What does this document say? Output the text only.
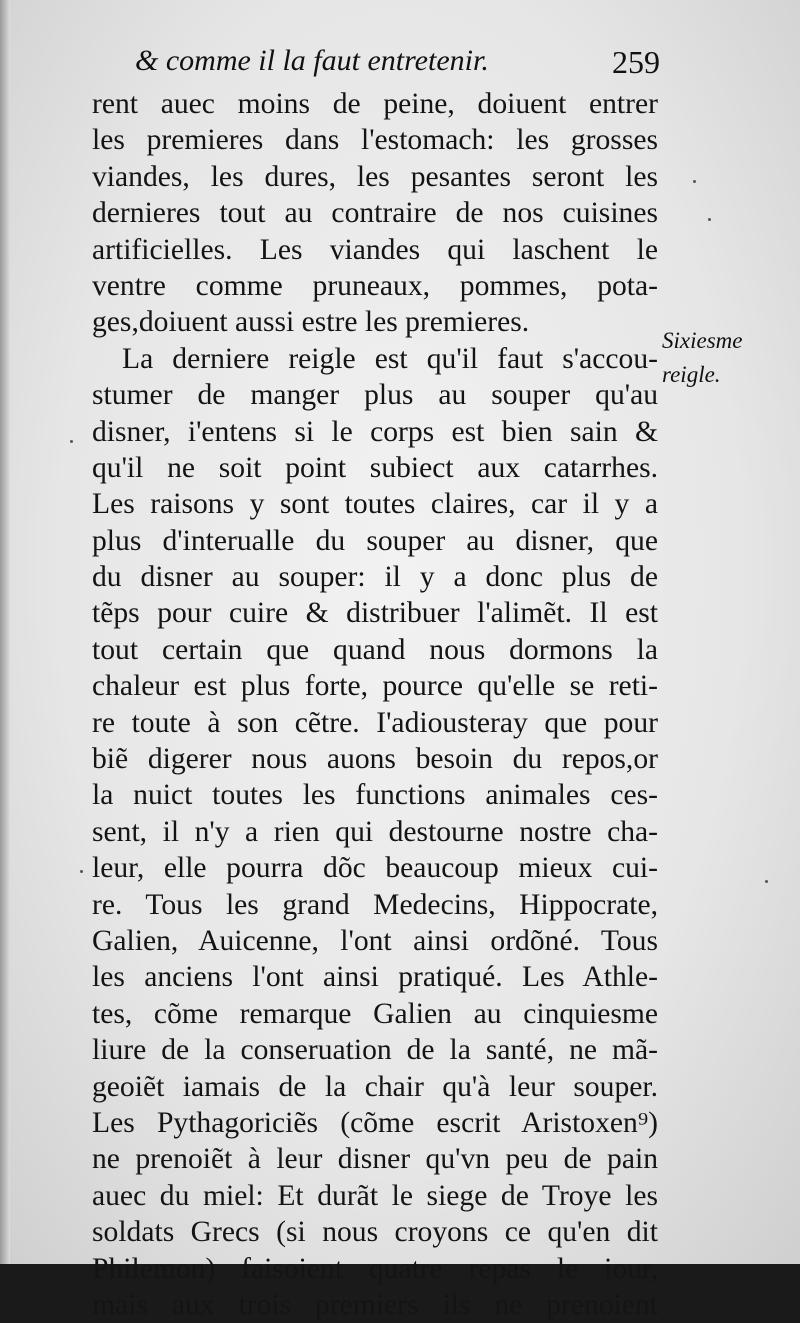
& comme il la faut entretenir.	259
rent auec moins de peine, doiuent entrer
les premieres dans l'estomach: les grosses
viandes, les dures, les pesantes seront les
dernieres tout au contraire de nos cuisines
artificielles. Les viandes qui laschent le
ventre comme pruneaux, pommes, pota-
ges,doiuent aussi estre les premieres.
La derniere reigle est qu'il faut s'accou-
stumer de manger plus au souper qu'au
disner, i'entens si le corps est bien sain &
qu'il ne soit point subiect aux catarrhes.
Les raisons y sont toutes claires, car il y a
plus d'interualle du souper au disner, que
du disner au souper: il y a donc plus de
tẽps pour cuire & distribuer l'alimẽt. Il est
tout certain que quand nous dormons la
chaleur est plus forte, pource qu'elle se reti-
re toute à son cẽtre. I'adiousteray que pour
biẽ digerer nous auons besoin du repos,or
la nuict toutes les functions animales ces-
sent, il n'y a rien qui destourne nostre cha-
leur, elle pourra dõc beaucoup mieux cui-
re. Tous les grand Medecins, Hippocrate,
Galien, Auicenne, l'ont ainsi ordõné. Tous
les anciens l'ont ainsi pratiqué. Les Athle-
tes, cõme remarque Galien au cinquiesme
liure de la conseruation de la santé, ne mã-
geoiẽt iamais de la chair qu'à leur souper.
Les Pythagoriciẽs (cõme escrit Aristoxen⁹)
ne prenoiẽt à leur disner qu'vn peu de pain
auec du miel: Et durãt le siege de Troye les
soldats Grecs (si nous croyons ce qu'en dit
Philemon) faisoient quatre repas le iour,
mais aux trois premiers ils ne prenoient
Sixiesme
reigle.
